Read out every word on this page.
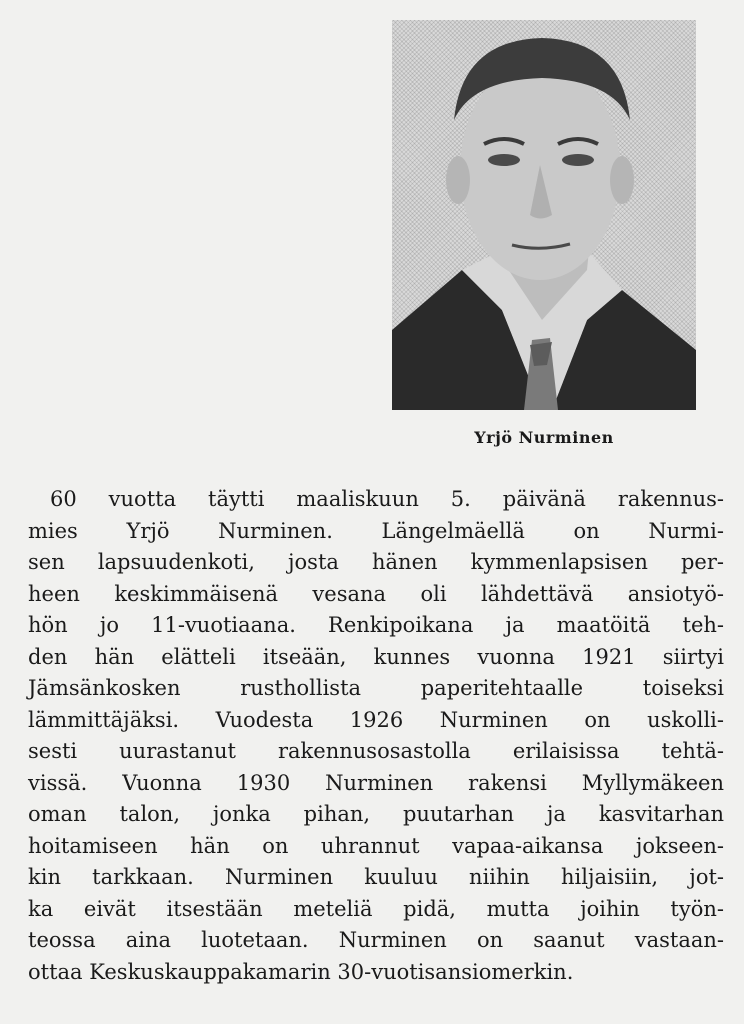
Yrjö Nurminen
60 vuotta täytti maaliskuun 5. päivänä rakennus-
mies Yrjö Nurminen. Längelmäellä on Nurmi-
sen lapsuudenkoti, josta hänen kymmenlapsisen per-
heen keskimmäisenä vesana oli lähdettävä ansiotyö-
hön jo 11-vuotiaana. Renkipoikana ja maatöitä teh-
den hän elätteli itseään, kunnes vuonna 1921 siirtyi
Jämsänkosken rusthollista paperitehtaalle toiseksi
lämmittäjäksi. Vuodesta 1926 Nurminen on uskolli-
sesti uurastanut rakennusosastolla erilaisissa tehtä-
vissä. Vuonna 1930 Nurminen rakensi Myllymäkeen
oman talon, jonka pihan, puutarhan ja kasvitarhan
hoitamiseen hän on uhrannut vapaa-aikansa jokseen-
kin tarkkaan. Nurminen kuuluu niihin hiljaisiin, jot-
ka eivät itsestään meteliä pidä, mutta joihin työn-
teossa aina luotetaan. Nurminen on saanut vastaan-
ottaa Keskuskauppakamarin 30-vuotisansiomerkin.
